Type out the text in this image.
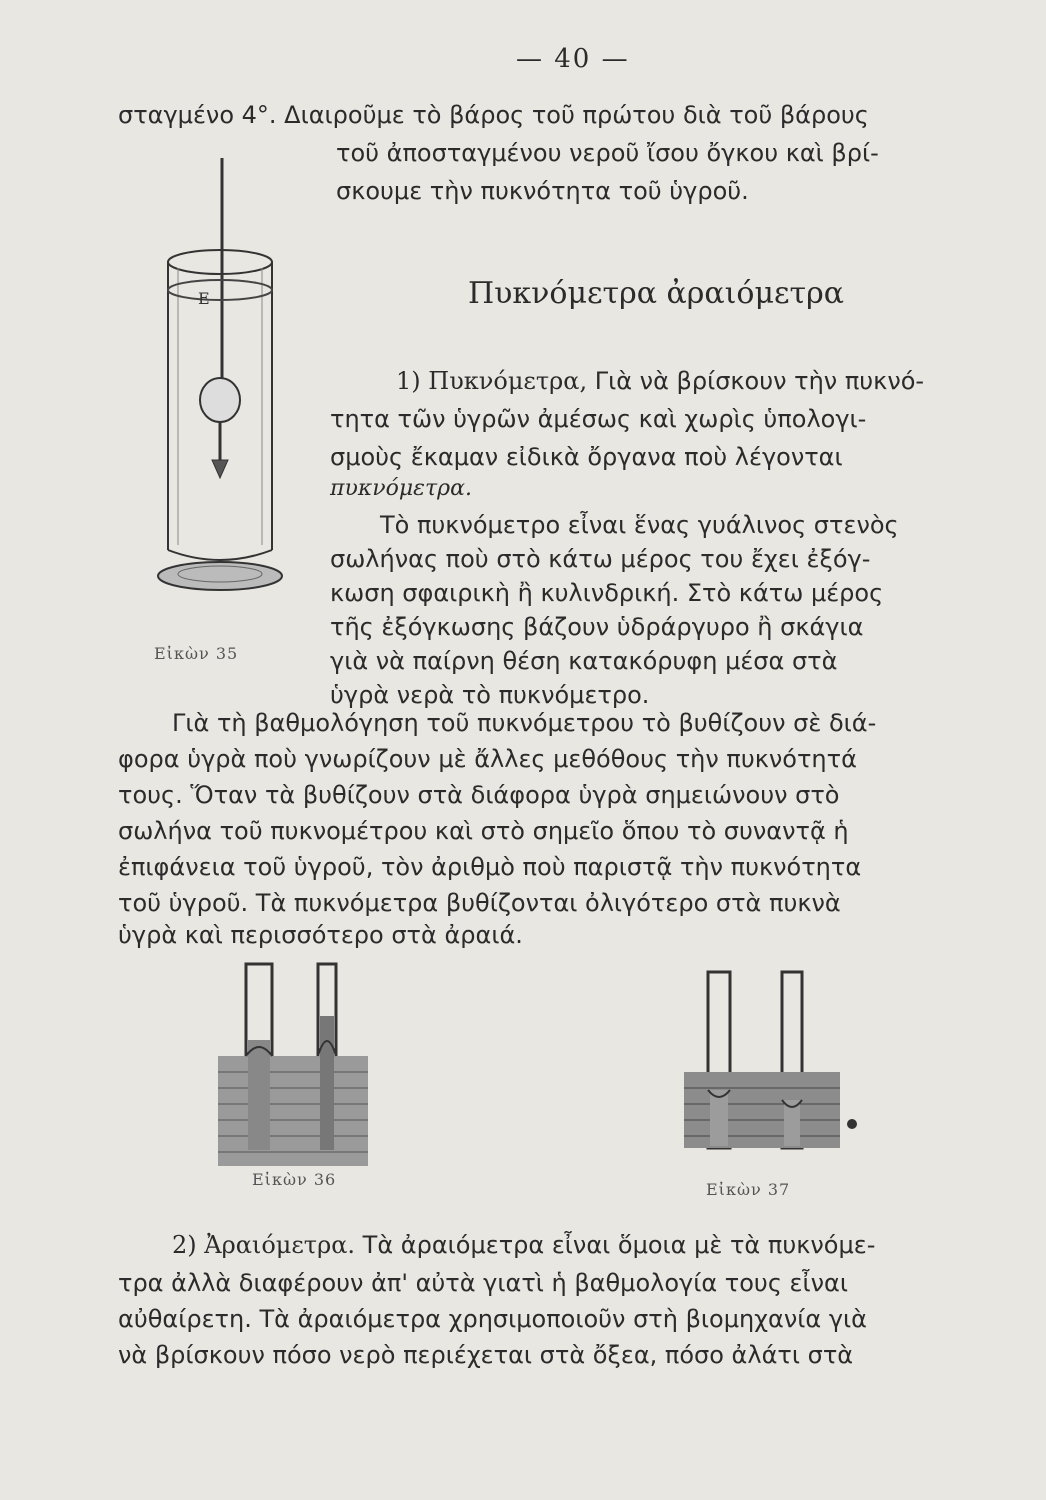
— 40 —
σταγμένο 4°. Διαιροῦμε τὸ βάρος τοῦ πρώτου διὰ τοῦ βάρους
τοῦ ἀποσταγμένου νεροῦ ἴσου ὄγκου καὶ βρί-
σκουμε τὴν πυκνότητα τοῦ ὑγροῦ.
Πυκνόμετρα ἀραιόμετρα
E
Εἰκὼν 35
1) Πυκνόμετρα, Γιὰ νὰ βρίσκουν τὴν πυκνό-
τητα τῶν ὑγρῶν ἀμέσως καὶ χωρὶς ὑπολογι-
σμοὺς ἔκαμαν εἰδικὰ ὄργανα ποὺ λέγονται
πυκνόμετρα.
Τὸ πυκνόμετρο εἶναι ἕνας γυάλινος στενὸς
σωλήνας ποὺ στὸ κάτω μέρος του ἔχει ἐξόγ-
κωση σφαιρικὴ ἢ κυλινδρική. Στὸ κάτω μέρος
τῆς ἐξόγκωσης βάζουν ὑδράργυρο ἢ σκάγια
γιὰ νὰ παίρνη θέση κατακόρυφη μέσα στὰ
ὑγρὰ νερὰ τὸ πυκνόμετρο.
Γιὰ τὴ βαθμολόγηση τοῦ πυκνόμετρου τὸ βυθίζουν σὲ διά-
φορα ὑγρὰ ποὺ γνωρίζουν μὲ ἄλλες μεθόθους τὴν πυκνότητά
τους. Ὅταν τὰ βυθίζουν στὰ διάφορα ὑγρὰ σημειώνουν στὸ
σωλήνα τοῦ πυκνομέτρου καὶ στὸ σημεῖο ὅπου τὸ συναντᾷ ἡ
ἐπιφάνεια τοῦ ὑγροῦ, τὸν ἀριθμὸ ποὺ παριστᾷ τὴν πυκνότητα
τοῦ ὑγροῦ. Τὰ πυκνόμετρα βυθίζονται ὀλιγότερο στὰ πυκνὰ
ὑγρὰ καὶ περισσότερο στὰ ἀραιά.
Εἰκὼν 36
Εἰκὼν 37
2) Ἀραιόμετρα. Τὰ ἀραιόμετρα εἶναι ὅμοια μὲ τὰ πυκνόμε-
τρα ἀλλὰ διαφέρουν ἀπ' αὐτὰ γιατὶ ἡ βαθμολογία τους εἶναι
αὐθαίρετη. Τὰ ἀραιόμετρα χρησιμοποιοῦν στὴ βιομηχανία γιὰ
νὰ βρίσκουν πόσο νερὸ περιέχεται στὰ ὄξεα, πόσο ἀλάτι στὰ
